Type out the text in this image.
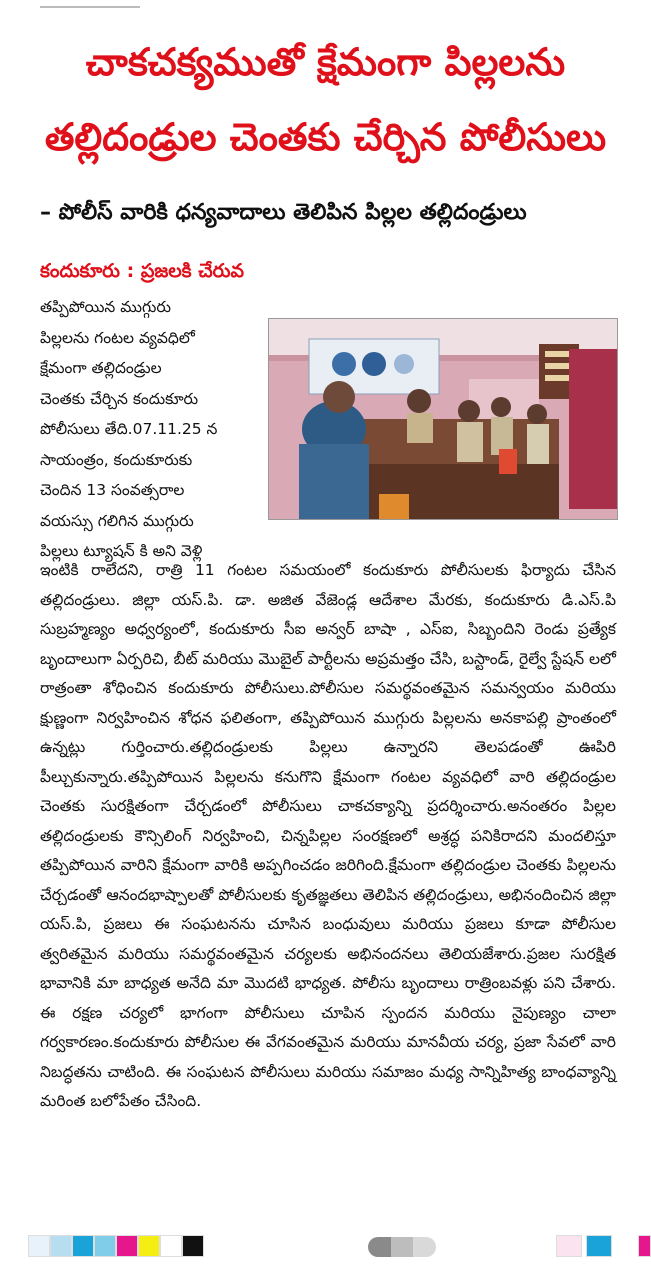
చాకచక్యముతో క్షేమంగా పిల్లలను
తల్లిదండ్రుల చెంతకు చేర్చిన పోలీసులు
– పోలీస్ వారికి ధన్యవాదాలు తెలిపిన పిల్లల తల్లిదండ్రులు
కందుకూరు : ప్రజలకి చేరువ

తప్పిపోయిన ముగ్గురు

పిల్లలను గంటల వ్యవధిలో

క్షేమంగా తల్లిదండ్రుల

చెంతకు చేర్చిన కందుకూరు

పోలీసులు తేది.07.11.25 న

సాయంత్రం, కందుకూరుకు

చెందిన 13 సంవత్సరాల

వయస్సు గలిగిన ముగ్గురు

పిల్లలు ట్యూషన్ కి అని వెళ్లి

ఇంటికి రాలేదని, రాత్రి 11 గంటల సమయంలో కందుకూరు పోలీసులకు ఫిర్యాదు చేసిన తల్లిదండ్రులు. జిల్లా యస్.పి. డా. అజిత వేజెండ్ల ఆదేశాల మేరకు, కందుకూరు డి.ఎస్.పి సుబ్రహ్మణ్యం అధ్వర్యంలో, కందుకూరు సీఐ అన్వర్ బాషా , ఎస్ఐ, సిబ్బందిని రెండు ప్రత్యేక బృందాలుగా ఏర్పరిచి, బీట్ మరియు మొబైల్ పార్టీలను అప్రమత్తం చేసి, బస్టాండ్, రైల్వే స్టేషన్ లలో రాత్రంతా శోధించిన కందుకూరు పోలీసులు.పోలీసుల సమర్థవంతమైన సమన్వయం మరియు క్షుణ్ణంగా నిర్వహించిన శోధన ఫలితంగా, తప్పిపోయిన ముగ్గురు పిల్లలను అనకాపల్లి ప్రాంతంలో ఉన్నట్లు గుర్తించారు.తల్లిదండ్రులకు పిల్లలు ఉన్నారని తెలపడంతో ఊపిరి పీల్చుకున్నారు.తప్పిపోయిన పిల్లలను కనుగొని క్షేమంగా గంటల వ్యవధిలో వారి తల్లిదండ్రుల చెంతకు సురక్షితంగా చేర్చడంలో పోలీసులు చాకచక్యాన్ని ప్రదర్శించారు.అనంతరం పిల్లల తల్లిదండ్రులకు కౌన్సిలింగ్ నిర్వహించి, చిన్నపిల్లల సంరక్షణలో అశ్రద్ధ పనికిరాదని మందలిస్తూ తప్పిపోయిన వారిని క్షేమంగా వారికి అప్పగించడం జరిగింది.క్షేమంగా తల్లిదండ్రుల చెంతకు పిల్లలను చేర్చడంతో ఆనందభాష్పాలతో పోలీసులకు కృతజ్ఞతలు తెలిపిన తల్లిదండ్రులు, అభినందించిన జిల్లా యస్.పి, ప్రజలు ఈ సంఘటనను చూసిన బంధువులు మరియు ప్రజలు కూడా పోలీసుల త్వరితమైన మరియు సమర్థవంతమైన చర్యలకు అభినందనలు తెలియజేశారు.ప్రజల సురక్షిత భావానికి మా బాధ్యత అనేది మా మొదటి భాధ్యత. పోలీసు బృందాలు రాత్రింబవళ్లు పని చేశారు. ఈ రక్షణ చర్యలో భాగంగా పోలీసులు చూపిన స్పందన మరియు నైపుణ్యం చాలా గర్వకారణం.కందుకూరు పోలీసుల ఈ వేగవంతమైన మరియు మానవీయ చర్య, ప్రజా సేవలో వారి నిబద్ధతను చాటింది. ఈ సంఘటన పోలీసులు మరియు సమాజం మధ్య సాన్నిహిత్య బాంధవ్యాన్ని మరింత బలోపేతం చేసింది.
